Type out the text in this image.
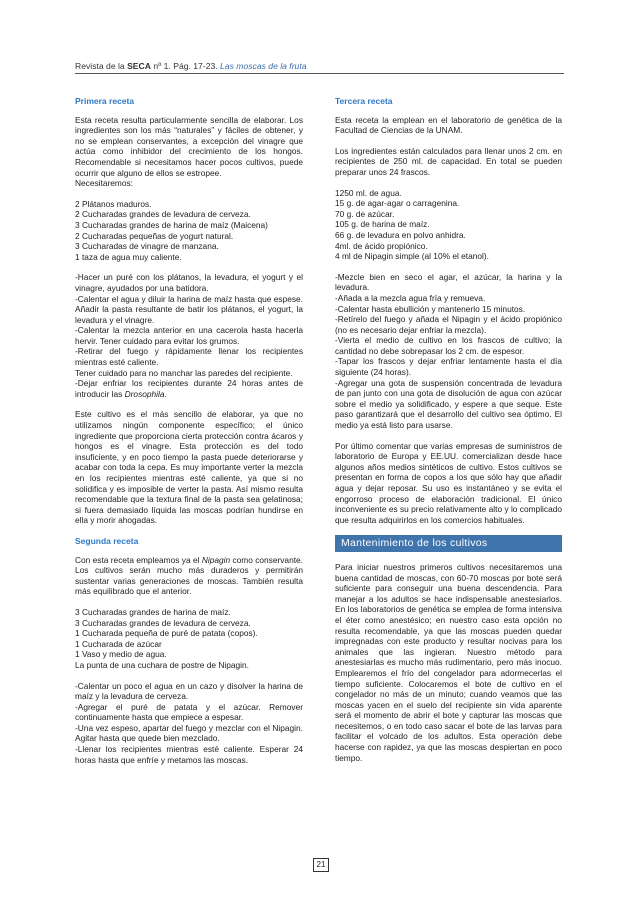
Revista de la SECA nº 1. Pág. 17-23. Las moscas de la fruta
Primera receta

Esta receta resulta particularmente sencilla de elaborar. Los ingredientes son los más “naturales” y fáciles de obtener, y no se emplean conservantes, a excepción del vinagre que actúa como inhibidor del crecimiento de los hongos. Recomendable si necesitamos hacer pocos cultivos, puede ocurrir que alguno de ellos se estropee.

Necesitaremos:

2 Plátanos maduros.

2 Cucharadas grandes de levadura de cerveza.

3 Cucharadas grandes de harina de maíz (Maicena)

2 Cucharadas pequeñas de yogurt natural.

3 Cucharadas de vinagre de manzana.

1 taza de agua muy caliente.

-Hacer un puré con los plátanos, la levadura, el yogurt y el vinagre, ayudados por una batidora.

-Calentar el agua y diluir la harina de maíz hasta que espese. Añadir la pasta resultante de batir los plátanos, el yogurt, la levadura y el vinagre.

-Calentar la mezcla anterior en una cacerola hasta hacerla hervir. Tener cuidado para evitar los grumos.

-Retirar del fuego y rápidamente llenar los recipientes mientras esté caliente.

Tener cuidado para no manchar las paredes del recipiente.

-Dejar enfriar los recipientes durante 24 horas antes de introducir las Drosophila.

Este cultivo es el más sencillo de elaborar, ya que no utilizamos ningún componente específico; el único ingrediente que proporciona cierta protección contra ácaros y hongos es el vinagre. Esta protección es del todo insuficiente, y en poco tiempo la pasta puede deteriorarse y acabar con toda la cepa. Es muy importante verter la mezcla en los recipientes mientras esté caliente, ya que si no solidifica y es imposible de verter la pasta. Así mismo resulta recomendable que la textura final de la pasta sea gelatinosa; si fuera demasiado líquida las moscas podrían hundirse en ella y morir ahogadas.

Segunda receta

Con esta receta empleamos ya el Nipagin como conservante. Los cultivos serán mucho más duraderos y permitirán sustentar varias generaciones de moscas. También resulta más equilibrado que el anterior.

3 Cucharadas grandes de harina de maíz.

3 Cucharadas grandes de levadura de cerveza.

1 Cucharada pequeña de puré de patata (copos).

1 Cucharada de azúcar

1 Vaso y medio de agua.

La punta de una cuchara de postre de Nipagin.

-Calentar un poco el agua en un cazo y disolver la harina de maíz y la levadura de cerveza.

-Agregar el puré de patata y el azúcar. Remover continuamente hasta que empiece a espesar.

-Una vez espeso, apartar del fuego y mezclar con el Nipagin. Agitar hasta que quede bien mezclado.

-Llenar los recipientes mientras esté caliente. Esperar 24 horas hasta que enfríe y metamos las moscas.

Tercera receta

Esta receta la emplean en el laboratorio de genética de la Facultad de Ciencias de la UNAM.

Los ingredientes están calculados para llenar unos 2 cm. en recipientes de 250 ml. de capacidad. En total se pueden preparar unos 24 frascos.

1250 ml. de agua.

15 g. de agar-agar o carragenina.

70 g. de azúcar.

105 g. de harina de maíz.

66 g. de levadura en polvo anhidra.

4ml. de ácido propiónico.

4 ml de Nipagin simple (al 10% el etanol).

-Mezcle bien en seco el agar, el azúcar, la harina y la levadura.

-Añada a la mezcla agua fría y remueva.

-Calentar hasta ebullición y mantenerlo 15 minutos.

-Retírelo del fuego y añada el Nipagin y el ácido propiónico (no es necesario dejar enfriar la mezcla).

-Vierta el medio de cultivo en los frascos de cultivo; la cantidad no debe sobrepasar los 2 cm. de espesor.

-Tapar los frascos y dejar enfriar lentamente hasta el día siguiente (24 horas).

-Agregar una gota de suspensión concentrada de levadura de pan junto con una gota de disolución de agua con azúcar sobre el medio ya solidificado, y espere a que seque. Este paso garantizará que el desarrollo del cultivo sea óptimo. El medio ya está listo para usarse.

Por último comentar que varias empresas de suministros de laboratorio de Europa y EE.UU. comercializan desde hace algunos años medios sintéticos de cultivo. Estos cultivos se presentan en forma de copos a los que sólo hay que añadir agua y dejar reposar. Su uso es instantáneo y se evita el engorroso proceso de elaboración tradicional. El único inconveniente es su precio relativamente alto y lo complicado que resulta adquirirlos en los comercios habituales.

Mantenimiento de los cultivos

Para iniciar nuestros primeros cultivos necesitaremos una buena cantidad de moscas, con 60-70 moscas por bote será suficiente para conseguir una buena descendencia. Para manejar a los adultos se hace indispensable anestesiarlos. En los laboratorios de genética se emplea de forma intensiva el éter como anestésico; en nuestro caso esta opción no resulta recomendable, ya que las moscas pueden quedar impregnadas con este producto y resultar nocivas para los animales que las ingieran. Nuestro método para anestesiarlas es mucho más rudimentario, pero más inocuo. Emplearemos el frío del congelador para adormecerlas el tiempo suficiente. Colocaremos el bote de cultivo en el congelador no más de un minuto; cuando veamos que las moscas yacen en el suelo del recipiente sin vida aparente será el momento de abrir el bote y capturar las moscas que necesitemos, o en todo caso sacar el bote de las larvas para facilitar el volcado de los adultos. Esta operación debe hacerse con rapidez, ya que las moscas despiertan en poco tiempo.

21
